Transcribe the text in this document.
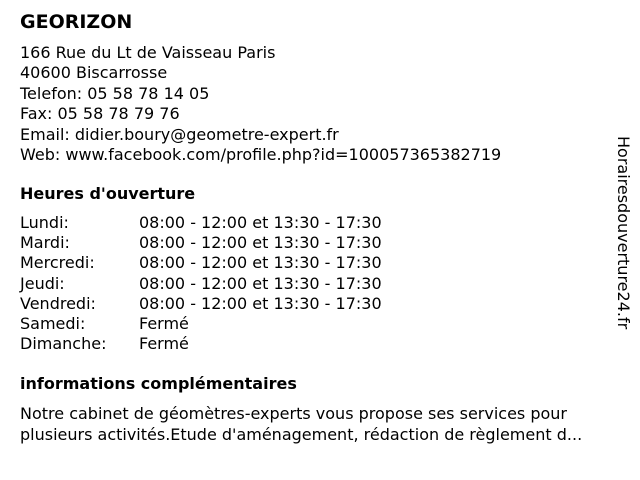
GEORIZON
166 Rue du Lt de Vaisseau Paris
40600 Biscarrosse
Telefon: 05 58 78 14 05
Fax: 05 58 78 79 76
Email: didier.boury@geometre-expert.fr
Web: www.facebook.com/profile.php?id=100057365382719
Heures d'ouverture
Lundi:	08:00 - 12:00 et 13:30 - 17:30
Mardi:	08:00 - 12:00 et 13:30 - 17:30
Mercredi:	08:00 - 12:00 et 13:30 - 17:30
Jeudi:	08:00 - 12:00 et 13:30 - 17:30
Vendredi:	08:00 - 12:00 et 13:30 - 17:30
Samedi:	Fermé
Dimanche:	Fermé
informations complémentaires
Notre cabinet de géomètres-experts vous propose ses services pour
plusieurs activités.Etude d'aménagement, rédaction de règlement d...
Horairesdouverture24.fr
